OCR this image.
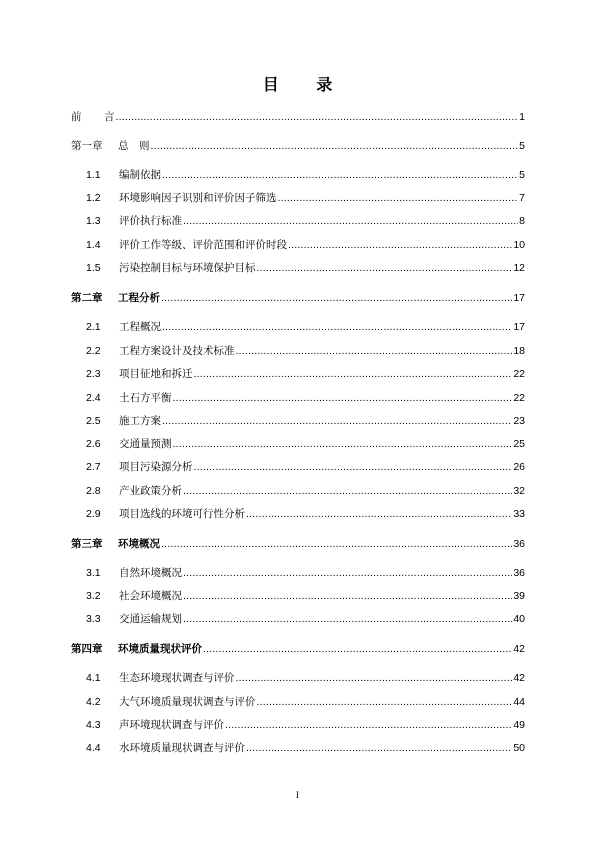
目 录
前	言 .....	1
第一章	总　则 .....	5
1.1	编制依据 .....	5
1.2	环境影响因子识别和评价因子筛选 .....	7
1.3	评价执行标准 .....	8
1.4	评价工作等级、评价范围和评价时段 .....	10
1.5	污染控制目标与环境保护目标 .....	12
第二章	工程分析 .....	17
2.1	工程概况 .....	17
2.2	工程方案设计及技术标准 .....	18
2.3	项目征地和拆迁 .....	22
2.4	土石方平衡 .....	22
2.5	施工方案 .....	23
2.6	交通量预测 .....	25
2.7	项目污染源分析 .....	26
2.8	产业政策分析 .....	32
2.9	项目选线的环境可行性分析 .....	33
第三章	环境概况 .....	36
3.1	自然环境概况 .....	36
3.2	社会环境概况 .....	39
3.3	交通运输规划 .....	40
第四章	环境质量现状评价 .....	42
4.1	生态环境现状调查与评价 .....	42
4.2	大气环境质量现状调查与评价 .....	44
4.3	声环境现状调查与评价 .....	49
4.4	水环境质量现状调查与评价 .....	50
I
